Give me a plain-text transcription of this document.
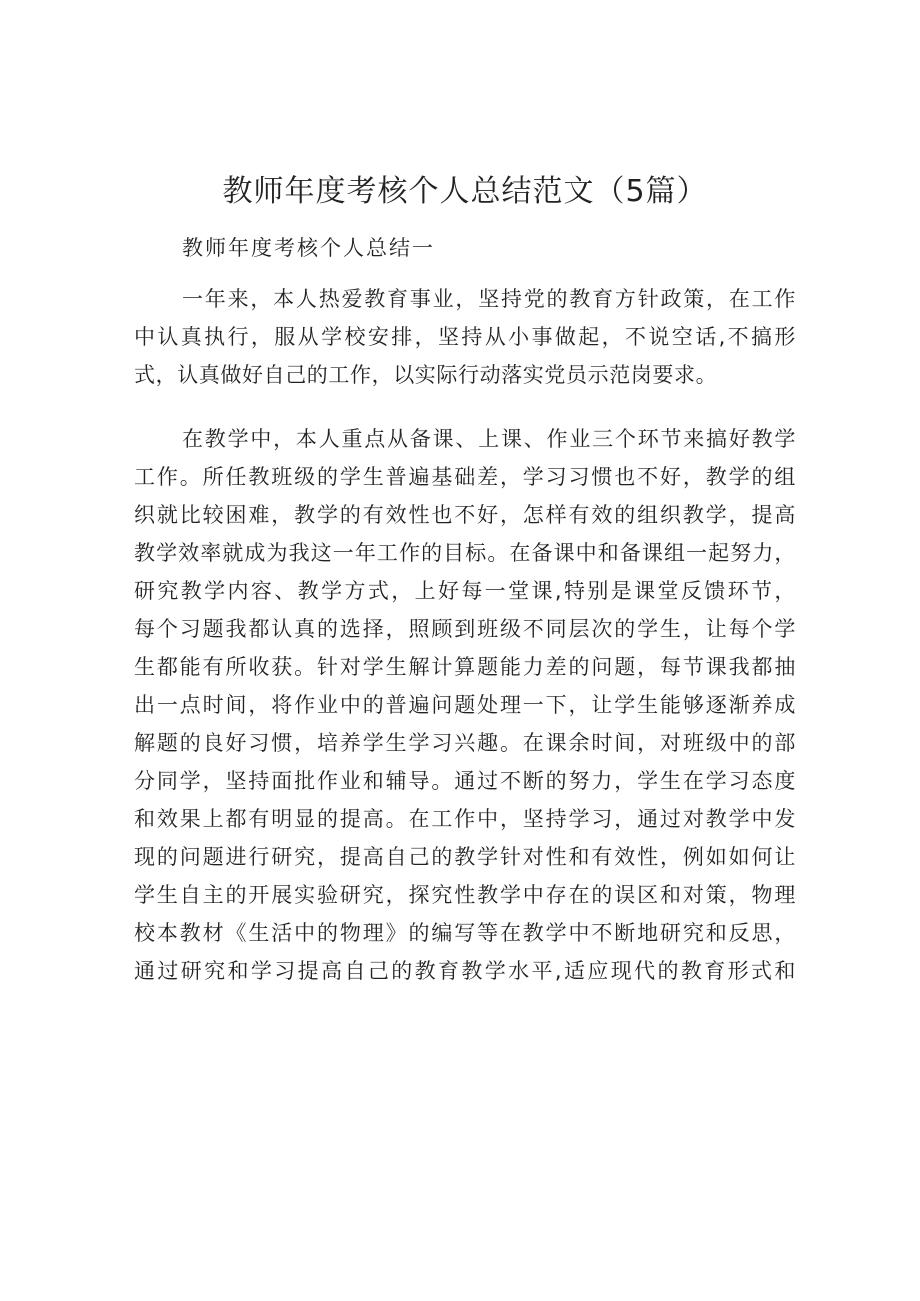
教师年度考核个人总结范文（5篇）
教师年度考核个人总结一
一年来，本人热爱教育事业，坚持党的教育方针政策，在工作
中认真执行，服从学校安排，坚持从小事做起，不说空话,不搞形
式，认真做好自己的工作，以实际行动落实党员示范岗要求。
在教学中，本人重点从备课、上课、作业三个环节来搞好教学
工作。所任教班级的学生普遍基础差，学习习惯也不好，教学的组
织就比较困难，教学的有效性也不好，怎样有效的组织教学，提高
教学效率就成为我这一年工作的目标。在备课中和备课组一起努力，
研究教学内容、教学方式，上好每一堂课,特别是课堂反馈环节，
每个习题我都认真的选择，照顾到班级不同层次的学生，让每个学
生都能有所收获。针对学生解计算题能力差的问题，每节课我都抽
出一点时间，将作业中的普遍问题处理一下，让学生能够逐渐养成
解题的良好习惯，培养学生学习兴趣。在课余时间，对班级中的部
分同学，坚持面批作业和辅导。通过不断的努力，学生在学习态度
和效果上都有明显的提高。在工作中，坚持学习，通过对教学中发
现的问题进行研究，提高自己的教学针对性和有效性，例如如何让
学生自主的开展实验研究，探究性教学中存在的误区和对策，物理
校本教材《生活中的物理》的编写等在教学中不断地研究和反思，
通过研究和学习提高自己的教育教学水平,适应现代的教育形式和
